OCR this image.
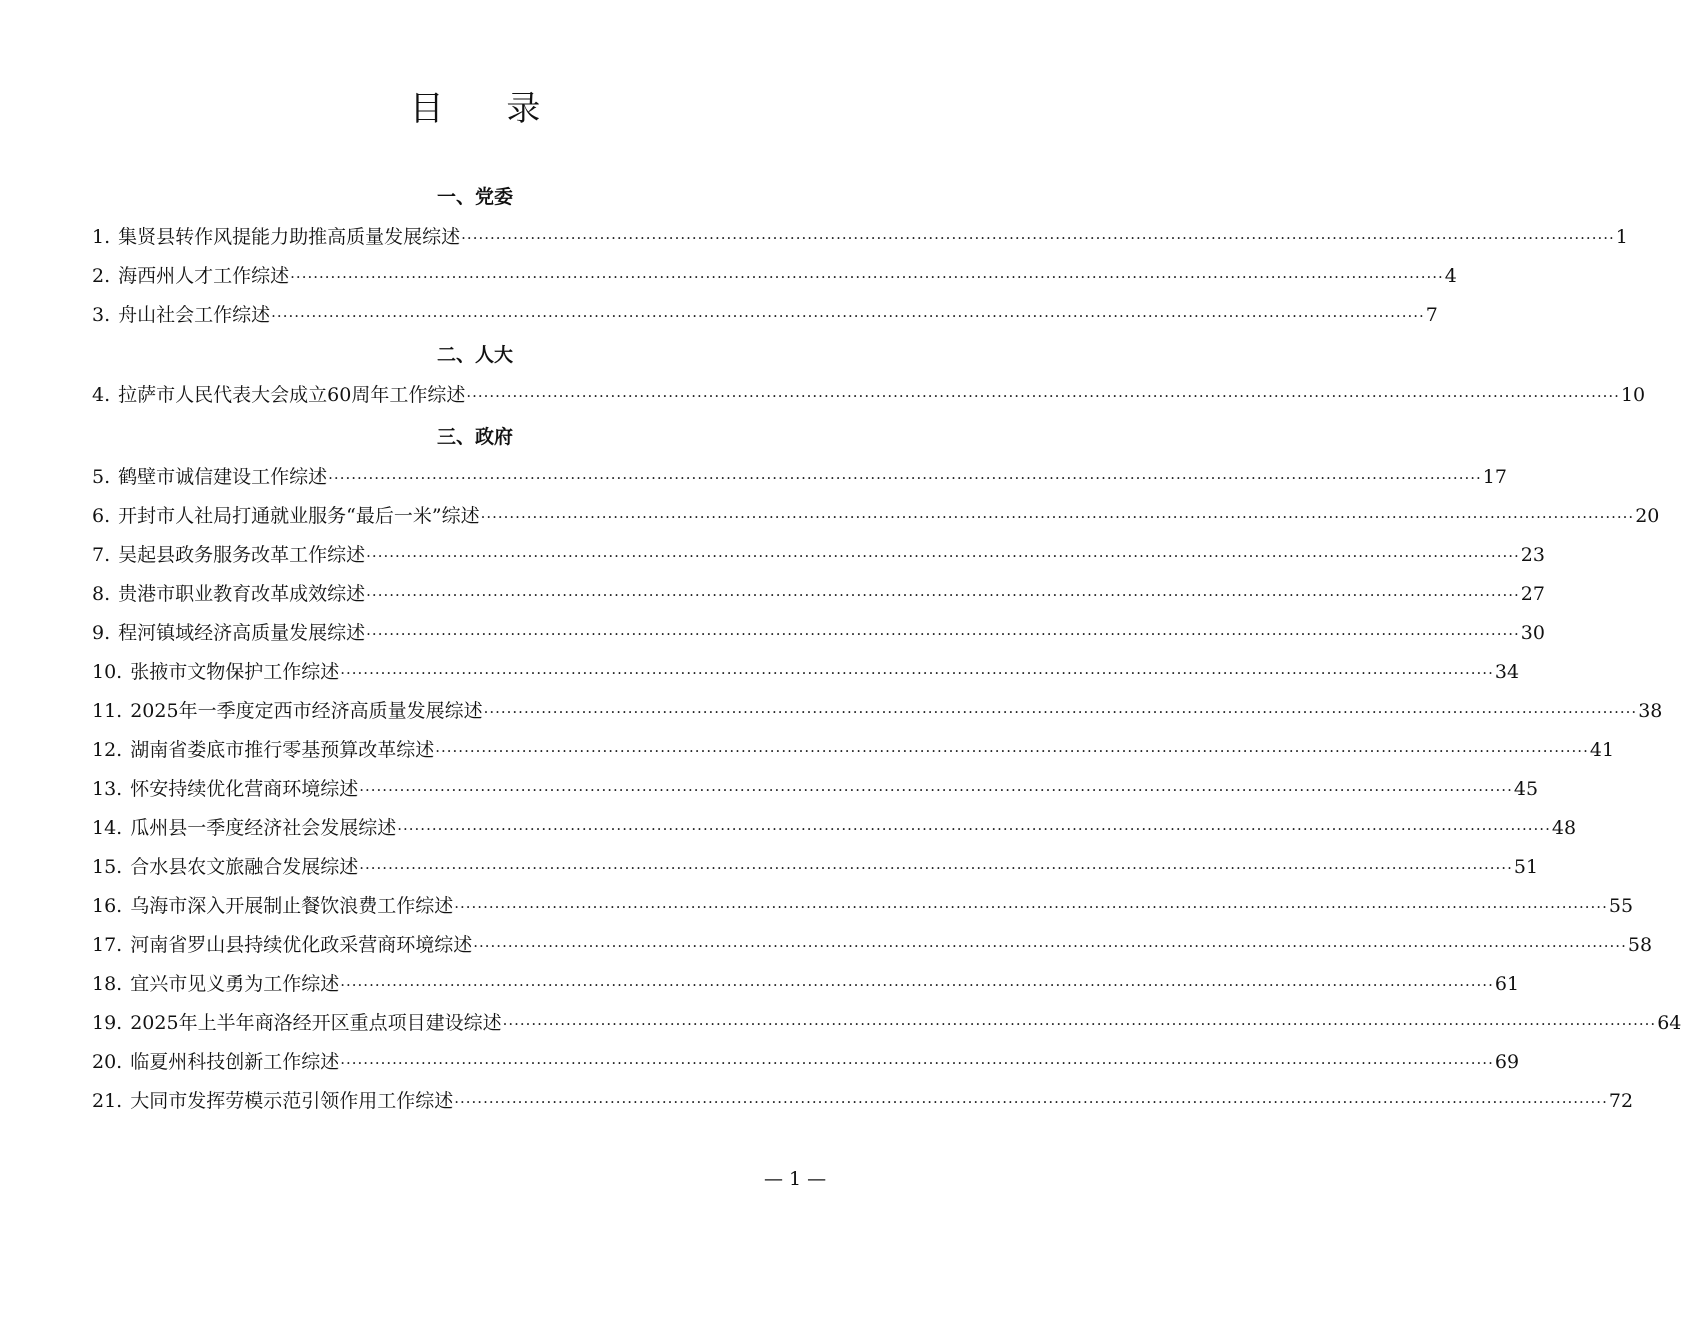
目 录
一、党委
1. 集贤县转作风提能力助推高质量发展综述 ········································································································································································································ 1
2. 海西州人才工作综述 ········································································································································································································ 4
3. 舟山社会工作综述 ········································································································································································································ 7
二、人大
4. 拉萨市人民代表大会成立60周年工作综述 ········································································································································································································ 10
三、政府
5. 鹤壁市诚信建设工作综述 ········································································································································································································ 17
6. 开封市人社局打通就业服务“最后一米”综述 ········································································································································································································ 20
7. 吴起县政务服务改革工作综述 ········································································································································································································ 23
8. 贵港市职业教育改革成效综述 ········································································································································································································ 27
9. 程河镇域经济高质量发展综述 ········································································································································································································ 30
10. 张掖市文物保护工作综述 ········································································································································································································ 34
11. 2025年一季度定西市经济高质量发展综述 ········································································································································································································ 38
12. 湖南省娄底市推行零基预算改革综述 ········································································································································································································ 41
13. 怀安持续优化营商环境综述 ········································································································································································································ 45
14. 瓜州县一季度经济社会发展综述 ········································································································································································································ 48
15. 合水县农文旅融合发展综述 ········································································································································································································ 51
16. 乌海市深入开展制止餐饮浪费工作综述 ········································································································································································································ 55
17. 河南省罗山县持续优化政采营商环境综述 ········································································································································································································ 58
18. 宜兴市见义勇为工作综述 ········································································································································································································ 61
19. 2025年上半年商洛经开区重点项目建设综述 ········································································································································································································ 64
20. 临夏州科技创新工作综述 ········································································································································································································ 69
21. 大同市发挥劳模示范引领作用工作综述 ········································································································································································································ 72
— 1 —
